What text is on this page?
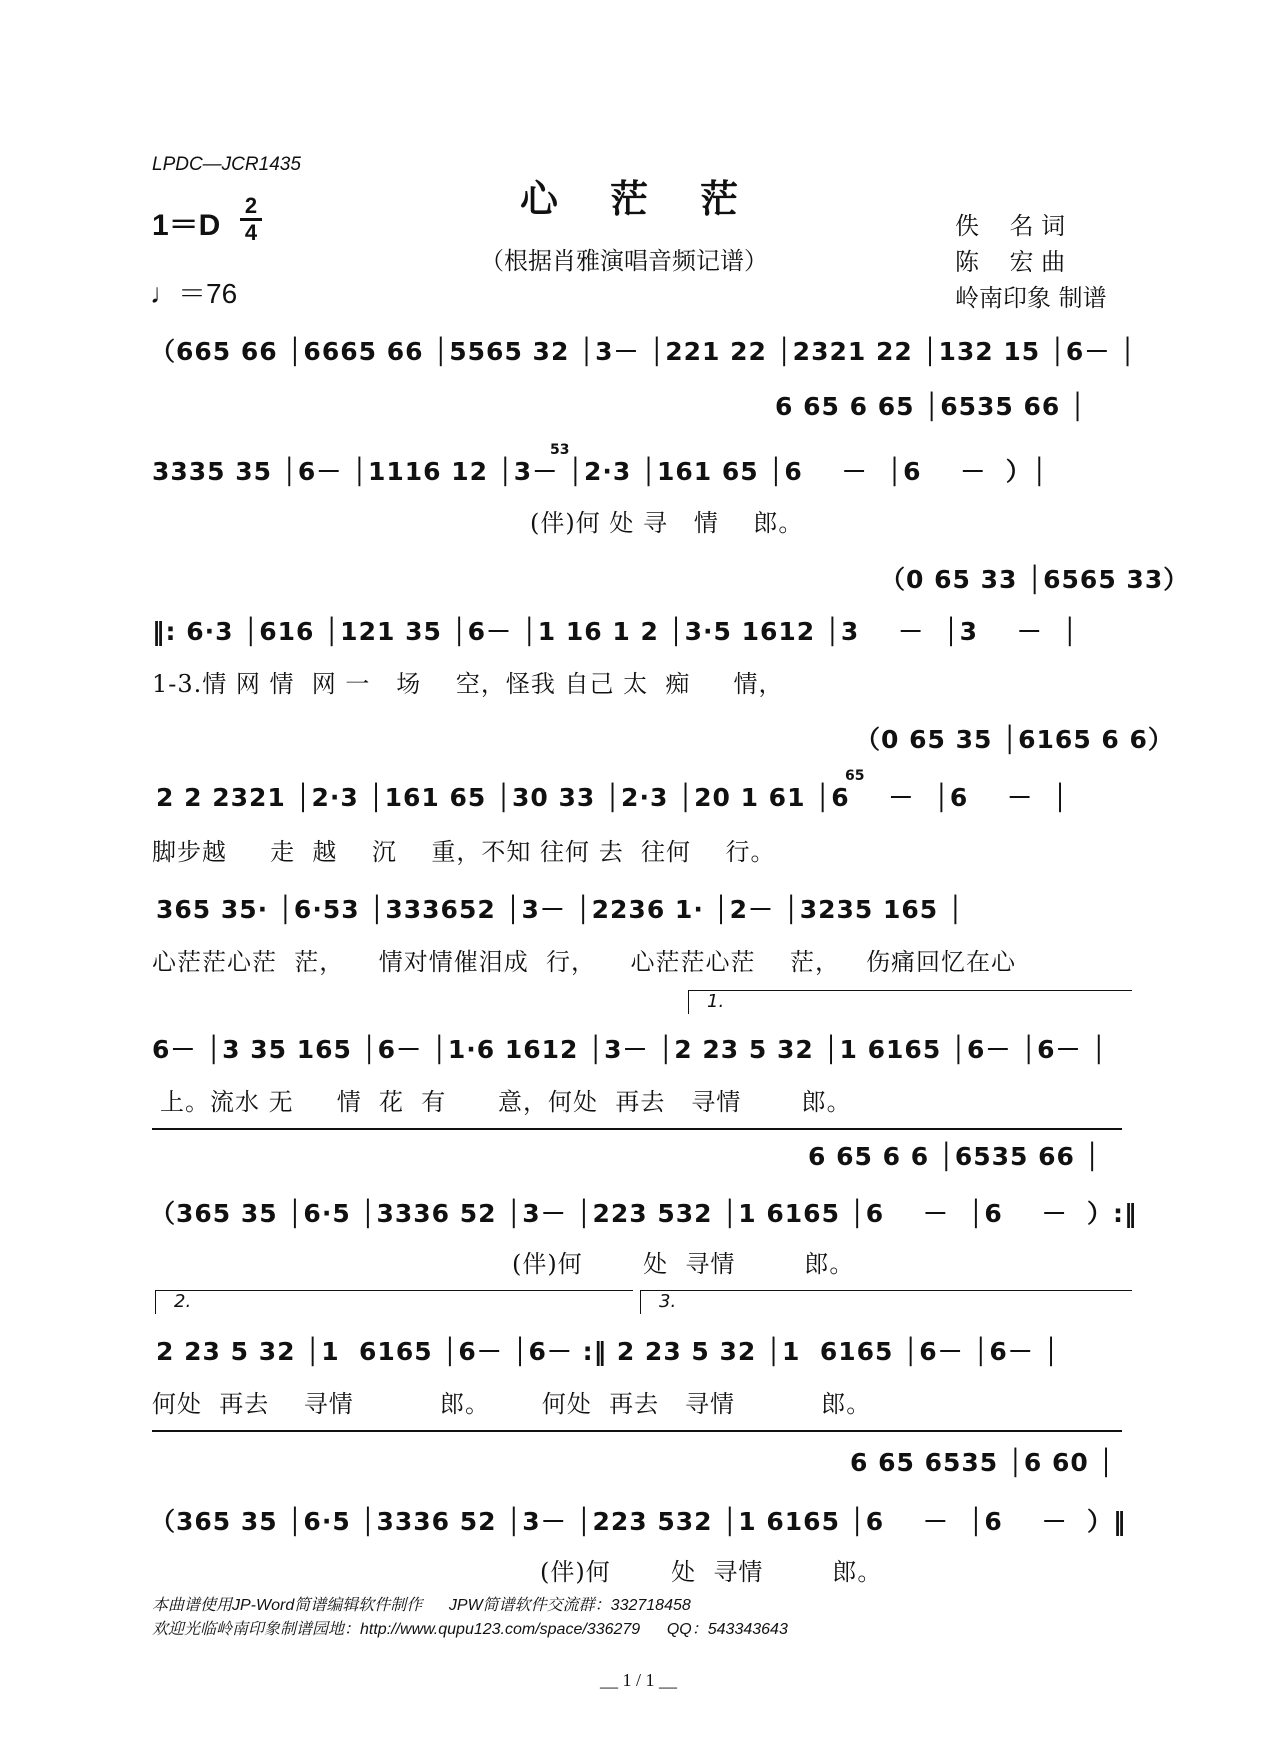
LPDC—JCR1435
心茫茫
（根据肖雅演唱音频记谱）
1＝D
2
4
♩＝76
佚    名 词
陈    宏 曲
岭南印象 制谱
（665 66 │6665 66 │5565 32 │3－ │221 22 │2321 22 │132 15 │6－ │
6 65 6 65 │6535 66 │
3335 35 │6－ │1116 12 │3－ │2·3 │161 65 │6    －  │6    －  ）│
53
(伴)何 处 寻   情    郎。
（0 65 33 │6565 33）
‖: 6·3 │616 │121 35 │6－ │1 16 1 2 │3·5 1612 │3    －  │3    －  │
1-3.情 网 情  网 一   场    空，怪我 自己 太  痴     情，
（0 65 35 │6165 6 6）
2 2 2321 │2·3 │161 65 │30 33 │2·3 │20 1 61 │6    －  │6    －  │
65
脚步越     走  越    沉    重，不知 往何 去  往何    行。
365 35· │6·53 │333652 │3－ │2236 1· │2－ │3235 165 │
心茫茫心茫  茫，    情对情催泪成  行，    心茫茫心茫    茫，   伤痛回忆在心
1.
6－ │3 35 165 │6－ │1·6 1612 │3－ │2 23 5 32 │1 6165 │6－ │6－ │
上。流水 无     情  花  有      意，何处  再去   寻情       郎。
6 65 6 6 │6535 66 │
（365 35 │6·5 │3336 52 │3－ │223 532 │1 6165 │6    －  │6    －  ）:‖
(伴)何       处  寻情        郎。
2.	3.
2 23 5 32 │1  6165 │6－ │6－ :‖ 2 23 5 32 │1  6165 │6－ │6－ │
何处  再去    寻情          郎。      何处  再去   寻情          郎。
6 65 6535 │6 60 │
（365 35 │6·5 │3336 52 │3－ │223 532 │1 6165 │6    －  │6    －  ）‖
(伴)何       处  寻情        郎。
本曲谱使用JP-Word简谱编辑软件制作      JPW简谱软件交流群：332718458
欢迎光临岭南印象制谱园地：http://www.qupu123.com/space/336279      QQ：543343643
__ 1 / 1 __
